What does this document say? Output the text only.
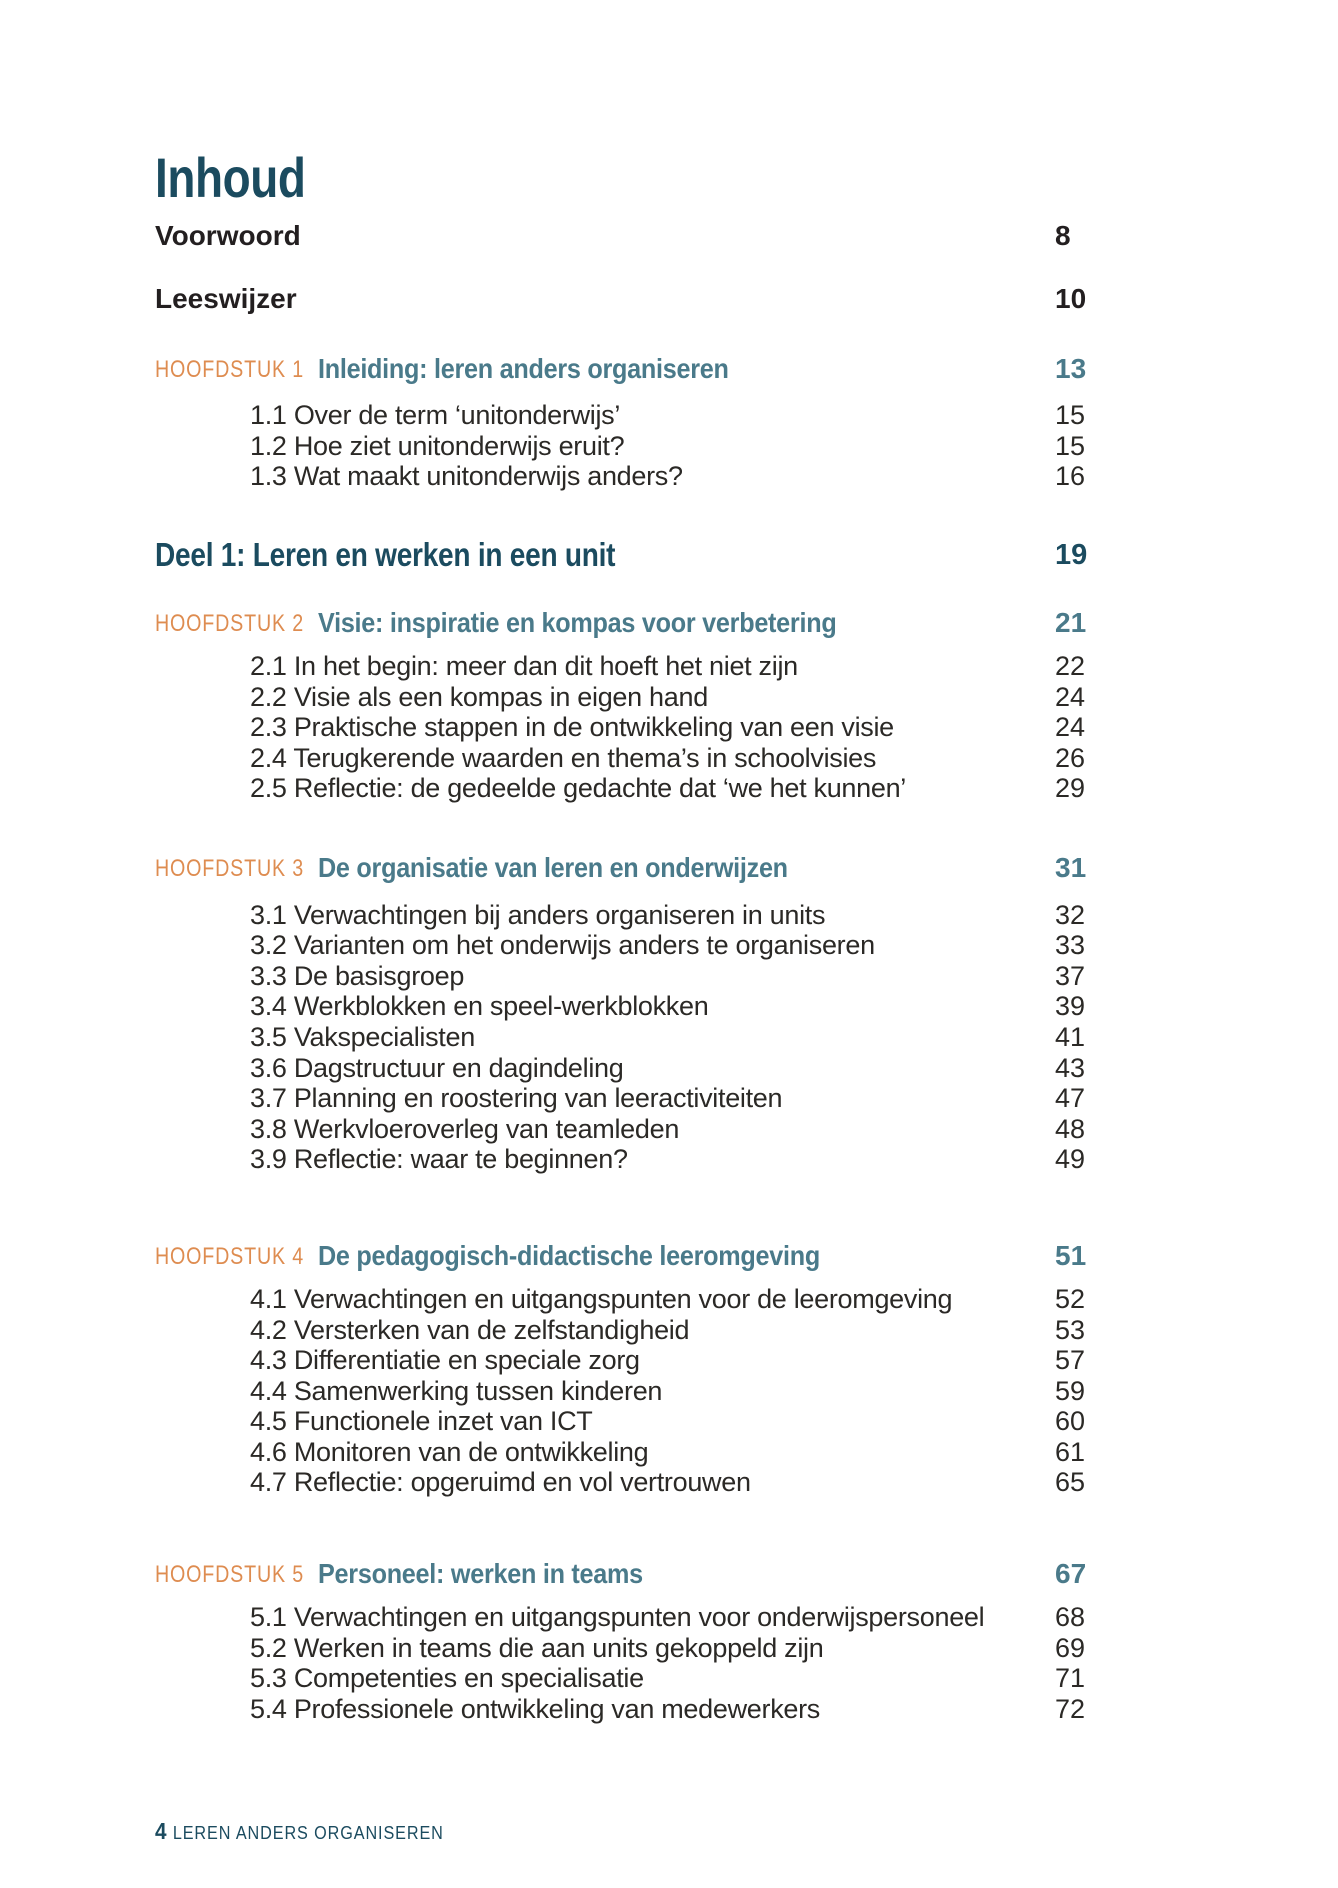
Inhoud
Voorwoord	8
Leeswijzer	10
HOOFDSTUK 1 Inleiding: leren anders organiseren	13
1.1 Over de term ‘unitonderwijs’	15
1.2 Hoe ziet unitonderwijs eruit?	15
1.3 Wat maakt unitonderwijs anders?	16
Deel 1: Leren en werken in een unit	19
HOOFDSTUK 2 Visie: inspiratie en kompas voor verbetering	21
2.1 In het begin: meer dan dit hoeft het niet zijn	22
2.2 Visie als een kompas in eigen hand	24
2.3 Praktische stappen in de ontwikkeling van een visie	24
2.4 Terugkerende waarden en thema’s in schoolvisies	26
2.5 Reflectie: de gedeelde gedachte dat ‘we het kunnen’	29
HOOFDSTUK 3 De organisatie van leren en onderwijzen	31
3.1 Verwachtingen bij anders organiseren in units	32
3.2 Varianten om het onderwijs anders te organiseren	33
3.3 De basisgroep	37
3.4 Werkblokken en speel-werkblokken	39
3.5 Vakspecialisten	41
3.6 Dagstructuur en dagindeling	43
3.7 Planning en roostering van leeractiviteiten	47
3.8 Werkvloeroverleg van teamleden	48
3.9 Reflectie: waar te beginnen?	49
HOOFDSTUK 4 De pedagogisch-didactische leeromgeving	51
4.1 Verwachtingen en uitgangspunten voor de leeromgeving	52
4.2 Versterken van de zelfstandigheid	53
4.3 Differentiatie en speciale zorg	57
4.4 Samenwerking tussen kinderen	59
4.5 Functionele inzet van ICT	60
4.6 Monitoren van de ontwikkeling	61
4.7 Reflectie: opgeruimd en vol vertrouwen	65
HOOFDSTUK 5 Personeel: werken in teams	67
5.1 Verwachtingen en uitgangspunten voor onderwijspersoneel	68
5.2 Werken in teams die aan units gekoppeld zijn	69
5.3 Competenties en specialisatie	71
5.4 Professionele ontwikkeling van medewerkers	72
4 LEREN ANDERS ORGANISEREN
